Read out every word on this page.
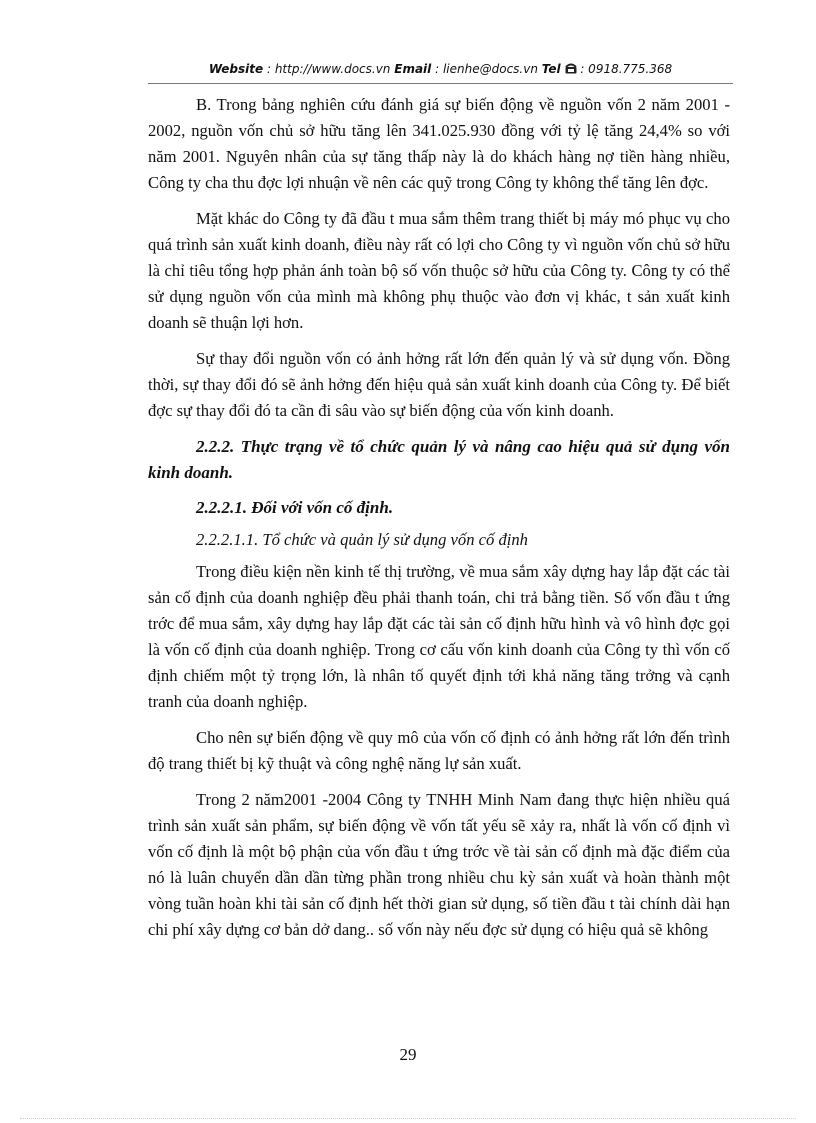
Website : http://www.docs.vn Email : lienhe@docs.vn Tel : 0918.775.368

B. Trong bảng nghiên cứu đánh giá sự biến động về nguồn vốn 2 năm 2001 - 2002, nguồn vốn chủ sở hữu tăng lên 341.025.930 đồng với tỷ lệ tăng 24,4% so với năm 2001. Nguyên nhân của sự tăng thấp này là do khách hàng nợ tiền hàng nhiều, Công ty cha thu đợc lợi nhuận về nên các quỹ trong Công ty không thể tăng lên đợc.

Mặt khác do Công ty đã đầu t mua sắm thêm trang thiết bị máy mó phục vụ cho quá trình sản xuất kinh doanh, điều này rất có lợi cho Công ty vì nguồn vốn chủ sở hữu là chỉ tiêu tổng hợp phản ánh toàn bộ số vốn thuộc sở hữu của Công ty. Công ty có thể sử dụng nguồn vốn của mình mà không phụ thuộc vào đơn vị khác, t sản xuất kinh doanh sẽ thuận lợi hơn.

Sự thay đổi nguồn vốn có ảnh hởng rất lớn đến quản lý và sử dụng vốn. Đồng thời, sự thay đổi đó sẽ ảnh hởng đến hiệu quả sản xuất kinh doanh của Công ty. Để biết đợc sự thay đổi đó ta cần đi sâu vào sự biến động của vốn kinh doanh.

2.2.2. Thực trạng về tổ chức quản lý và nâng cao hiệu quả sử dụng vốn kinh doanh.

2.2.2.1. Đối với vốn cố định.

2.2.2.1.1. Tổ chức và quản lý sử dụng vốn cố định

Trong điều kiện nền kinh tế thị trường, về mua sắm xây dựng hay lắp đặt các tài sản cố định của doanh nghiệp đều phải thanh toán, chi trả bằng tiền. Số vốn đầu t ứng trớc để mua sắm, xây dựng hay lắp đặt các tài sản cố định hữu hình và vô hình đợc gọi là vốn cố định của doanh nghiệp. Trong cơ cấu vốn kinh doanh của Công ty thì vốn cố định chiếm một tỷ trọng lớn, là nhân tố quyết định tới khả năng tăng trởng và cạnh tranh của doanh nghiệp.

Cho nên sự biến động về quy mô của vốn cố định có ảnh hởng rất lớn đến trình độ trang thiết bị kỹ thuật và công nghệ năng lự sản xuất.

Trong 2 năm2001 -2004 Công ty TNHH Minh Nam đang thực hiện nhiều quá trình sản xuất sản phẩm, sự biến động về vốn tất yếu sẽ xảy ra, nhất là vốn cố định vì vốn cố định là một bộ phận của vốn đầu t ứng trớc về tài sản cố định mà đặc điểm của nó là luân chuyển dần dần từng phần trong nhiều chu kỳ sản xuất và hoàn thành một vòng tuần hoàn khi tài sản cố định hết thời gian sử dụng, số tiền đầu t tài chính dài hạn chi phí xây dựng cơ bản dở dang.. số vốn này nếu đợc sử dụng có hiệu quả sẽ không

29
